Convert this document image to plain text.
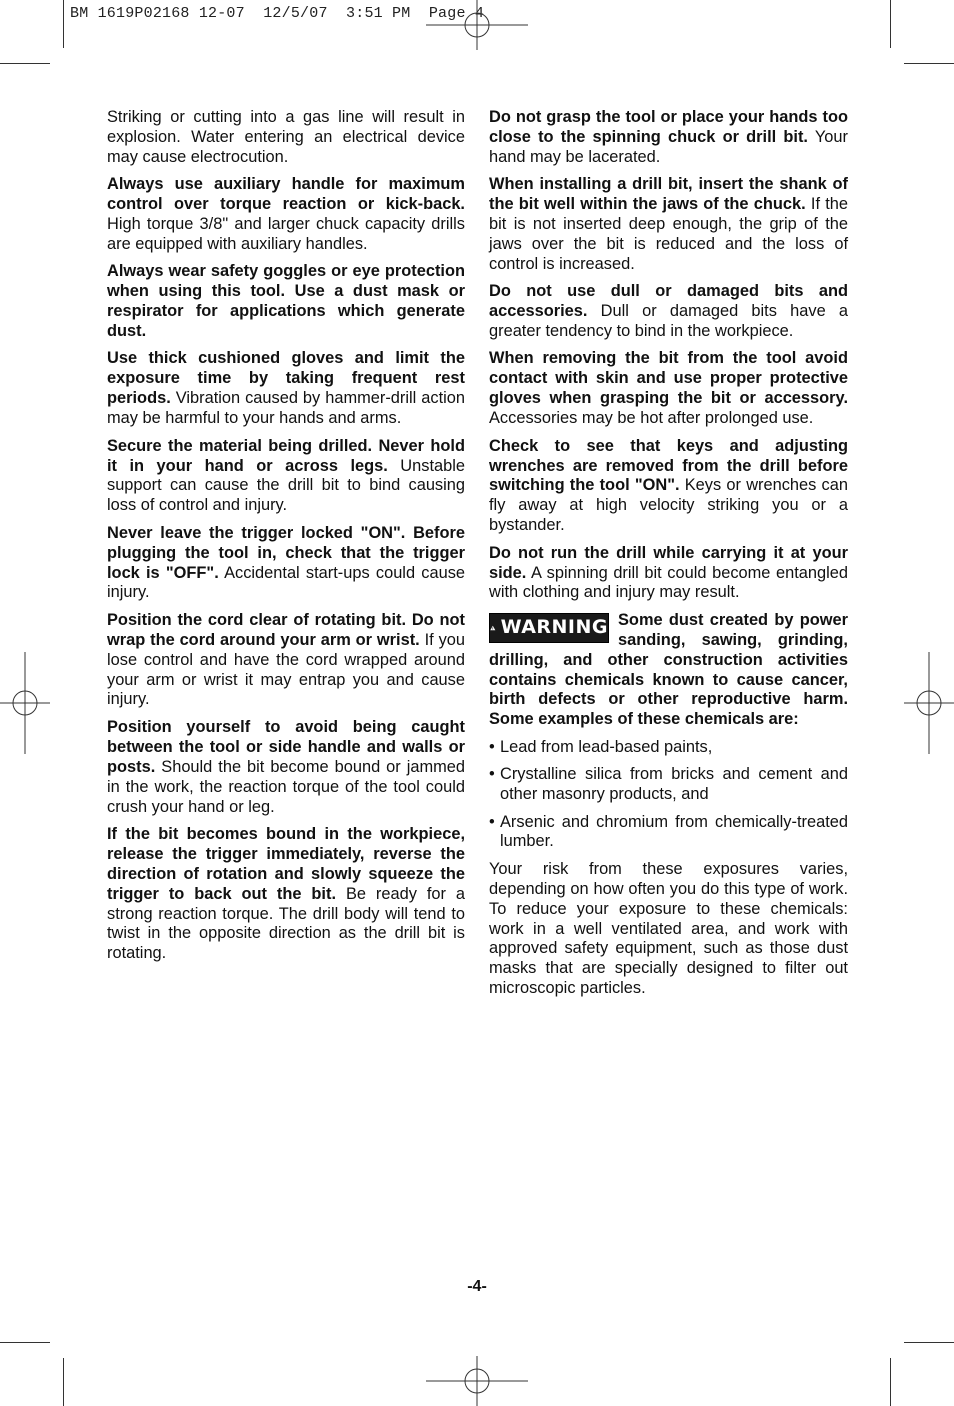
BM 1619P02168 12-07  12/5/07  3:51 PM  Page 4

Striking or cutting into a gas line will result in explosion. Water entering an electrical device may cause electrocution.

Always use auxiliary handle for maximum control over torque reaction or kick-back. High torque 3/8" and larger chuck capacity drills are equipped with auxiliary handles.

Always wear safety goggles or eye protection when using this tool. Use a dust mask or respirator for applications which generate dust.

Use thick cushioned gloves and limit the exposure time by taking frequent rest periods. Vibration caused by hammer-drill action may be harmful to your hands and arms.

Secure the material being drilled. Never hold it in your hand or across legs. Unstable support can cause the drill bit to bind causing loss of control and injury.

Never leave the trigger locked "ON". Before plugging the tool in, check that the trigger lock is "OFF". Accidental start-ups could cause injury.

Position the cord clear of rotating bit. Do not wrap the cord around your arm or wrist. If you lose control and have the cord wrapped around your arm or wrist it may entrap you and cause injury.

Position yourself to avoid being caught between the tool or side handle and walls or posts. Should the bit become bound or jammed in the work, the reaction torque of the tool could crush your hand or leg.

If the bit becomes bound in the workpiece, release the trigger immediately, reverse the direction of rotation and slowly squeeze the trigger to back out the bit. Be ready for a strong reaction torque. The drill body will tend to twist in the opposite direction as the drill bit is rotating.

Do not grasp the tool or place your hands too close to the spinning chuck or drill bit. Your hand may be lacerated.

When installing a drill bit, insert the shank of the bit well within the jaws of the chuck. If the bit is not inserted deep enough, the grip of the jaws over the bit is reduced and the loss of control is increased.

Do not use dull or damaged bits and accessories. Dull or damaged bits have a greater tendency to bind in the workpiece.

When removing the bit from the tool avoid contact with skin and use proper protective gloves when grasping the bit or accessory. Accessories may be hot after prolonged use.

Check to see that keys and adjusting wrenches are removed from the drill before switching the tool "ON". Keys or wrenches can fly away at high velocity striking you or a bystander.

Do not run the drill while carrying it at your side. A spinning drill bit could become entangled with clothing and injury may result.

WARNING Some dust created by power sanding, sawing, grinding, drilling, and other construction activities contains chemicals known to cause cancer, birth defects or other reproductive harm. Some examples of these chemicals are:
• Lead from lead-based paints,
• Crystalline silica from bricks and cement and other masonry products, and
• Arsenic and chromium from chemically-treated lumber.

Your risk from these exposures varies, depending on how often you do this type of work. To reduce your exposure to these chemicals: work in a well ventilated area, and work with approved safety equipment, such as those dust masks that are specially designed to filter out microscopic particles.

-4-
